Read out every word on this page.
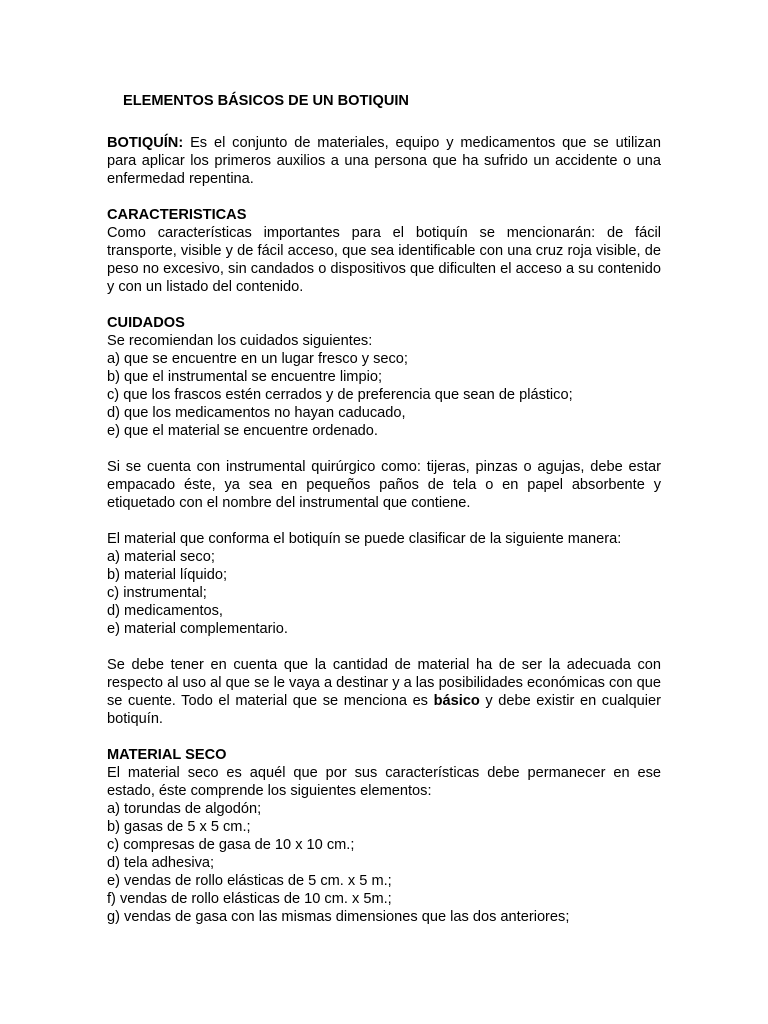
ELEMENTOS BÁSICOS DE UN BOTIQUIN

BOTIQUÍN: Es el conjunto de materiales, equipo y medicamentos que se utilizan para aplicar los primeros auxilios a una persona que ha sufrido un accidente o una enfermedad repentina.

CARACTERISTICAS

Como características importantes para el botiquín se mencionarán: de fácil transporte, visible y de fácil acceso, que sea identificable con una cruz roja visible, de peso no excesivo, sin candados o dispositivos que dificulten el acceso a su contenido y con un listado del contenido.

CUIDADOS

Se recomiendan los cuidados siguientes:

a) que se encuentre en un lugar fresco y seco;

b) que el instrumental se encuentre limpio;

c) que los frascos estén cerrados y de preferencia que sean de plástico;

d) que los medicamentos no hayan caducado,

e) que el material se encuentre ordenado.

Si se cuenta con instrumental quirúrgico como: tijeras, pinzas o agujas, debe estar empacado éste, ya sea en pequeños paños de tela o en papel absorbente y etiquetado con el nombre del instrumental que contiene.

El material que conforma el botiquín se puede clasificar de la siguiente manera:

a) material seco;

b) material líquido;

c) instrumental;

d) medicamentos,

e) material complementario.

Se debe tener en cuenta que la cantidad de material ha de ser la adecuada con respecto al uso al que se le vaya a destinar y a las posibilidades económicas con que se cuente. Todo el material que se menciona es básico y debe existir en cualquier botiquín.

MATERIAL SECO

El material seco es aquél que por sus características debe permanecer en ese estado, éste comprende los siguientes elementos:

a) torundas de algodón;

b) gasas de 5 x 5 cm.;

c) compresas de gasa de 10 x 10 cm.;

d) tela adhesiva;

e) vendas de rollo elásticas de 5 cm. x 5 m.;

f) vendas de rollo elásticas de 10 cm. x 5m.;

g) vendas de gasa con las mismas dimensiones que las dos anteriores;
